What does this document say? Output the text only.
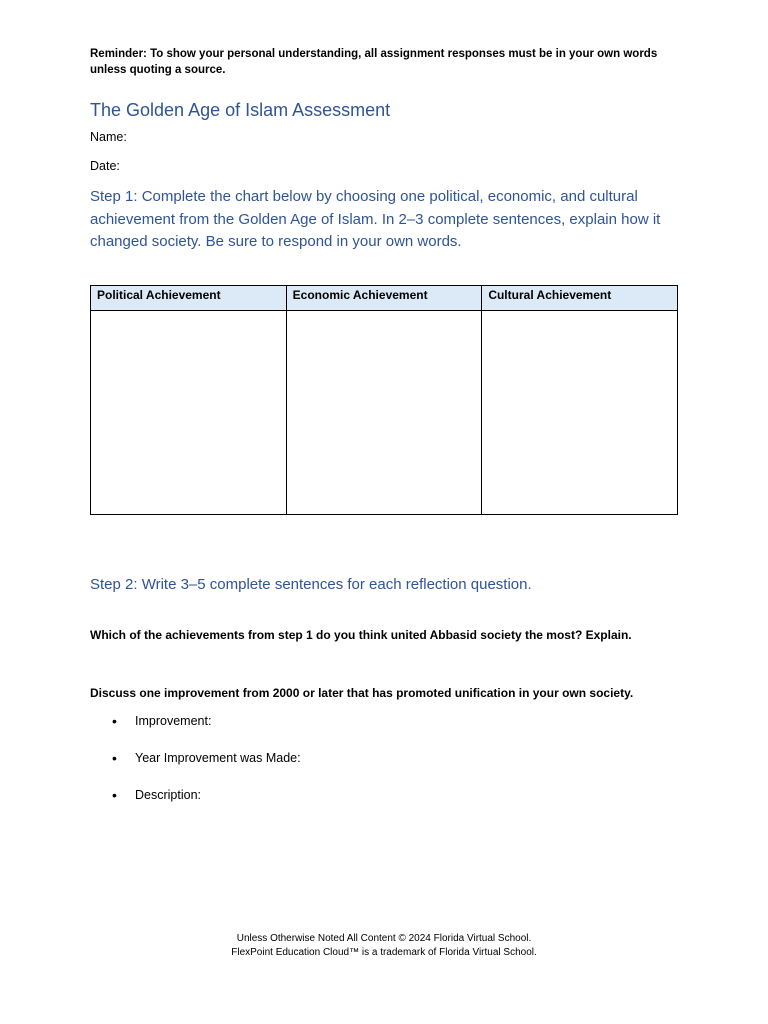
Reminder: To show your personal understanding, all assignment responses must be in your own words unless quoting a source.

The Golden Age of Islam Assessment

Name:

Date:

Step 1: Complete the chart below by choosing one political, economic, and cultural achievement from the Golden Age of Islam. In 2–3 complete sentences, explain how it changed society. Be sure to respond in your own words.
Political Achievement	Economic Achievement	Cultural Achievement

Step 2: Write 3–5 complete sentences for each reflection question.

Which of the achievements from step 1 do you think united Abbasid society the most? Explain.

Discuss one improvement from 2000 or later that has promoted unification in your own society.

• Improvement:
• Year Improvement was Made:
• Description:
Unless Otherwise Noted All Content © 2024 Florida Virtual School.
FlexPoint Education Cloud™ is a trademark of Florida Virtual School.
